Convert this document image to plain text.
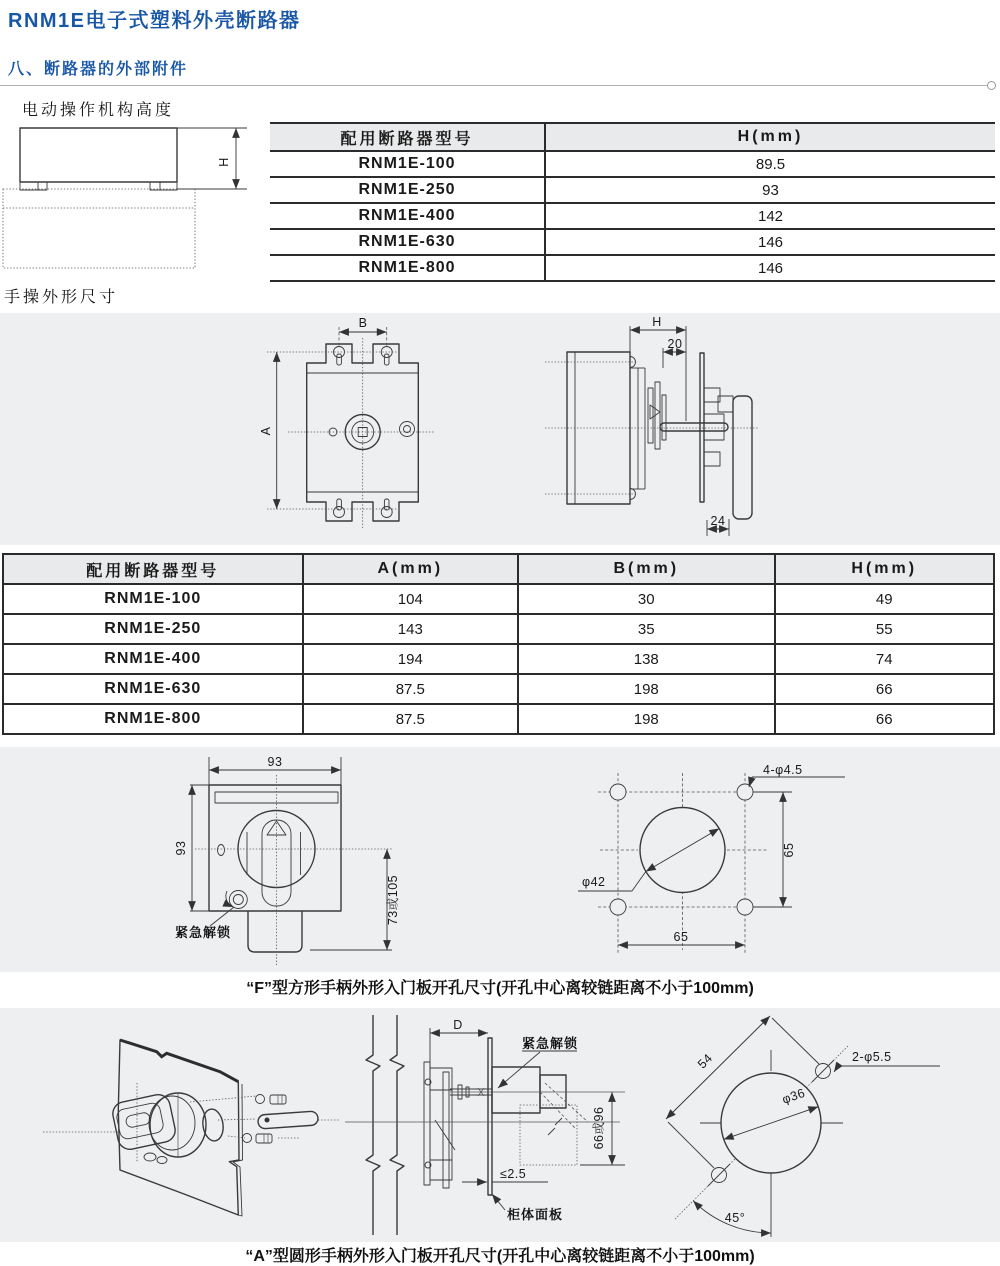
RNM1E电子式塑料外壳断路器
八、断路器的外部附件
电动操作机构高度
H
配用断路器型号	H(mm)
RNM1E-100	89.5
RNM1E-250	93
RNM1E-400	142
RNM1E-630	146
RNM1E-800	146
手操外形尺寸
B
A
H
20
24
配用断路器型号	A(mm)	B(mm)	H(mm)
RNM1E-100	104	30	49
RNM1E-250	143	35	55
RNM1E-400	194	138	74
RNM1E-630	87.5	198	66
RNM1E-800	87.5	198	66
紧急解锁
93
93
73或105	φ42
4-φ4.5
65
65
“F”型方形手柄外形入门板开孔尺寸(开孔中心离较链距离不小于100mm)
D
紧急解锁
66或96
≤2.5
柜体面板
φ36
54	2-φ5.5
45°
“A”型圆形手柄外形入门板开孔尺寸(开孔中心离较链距离不小于100mm)
